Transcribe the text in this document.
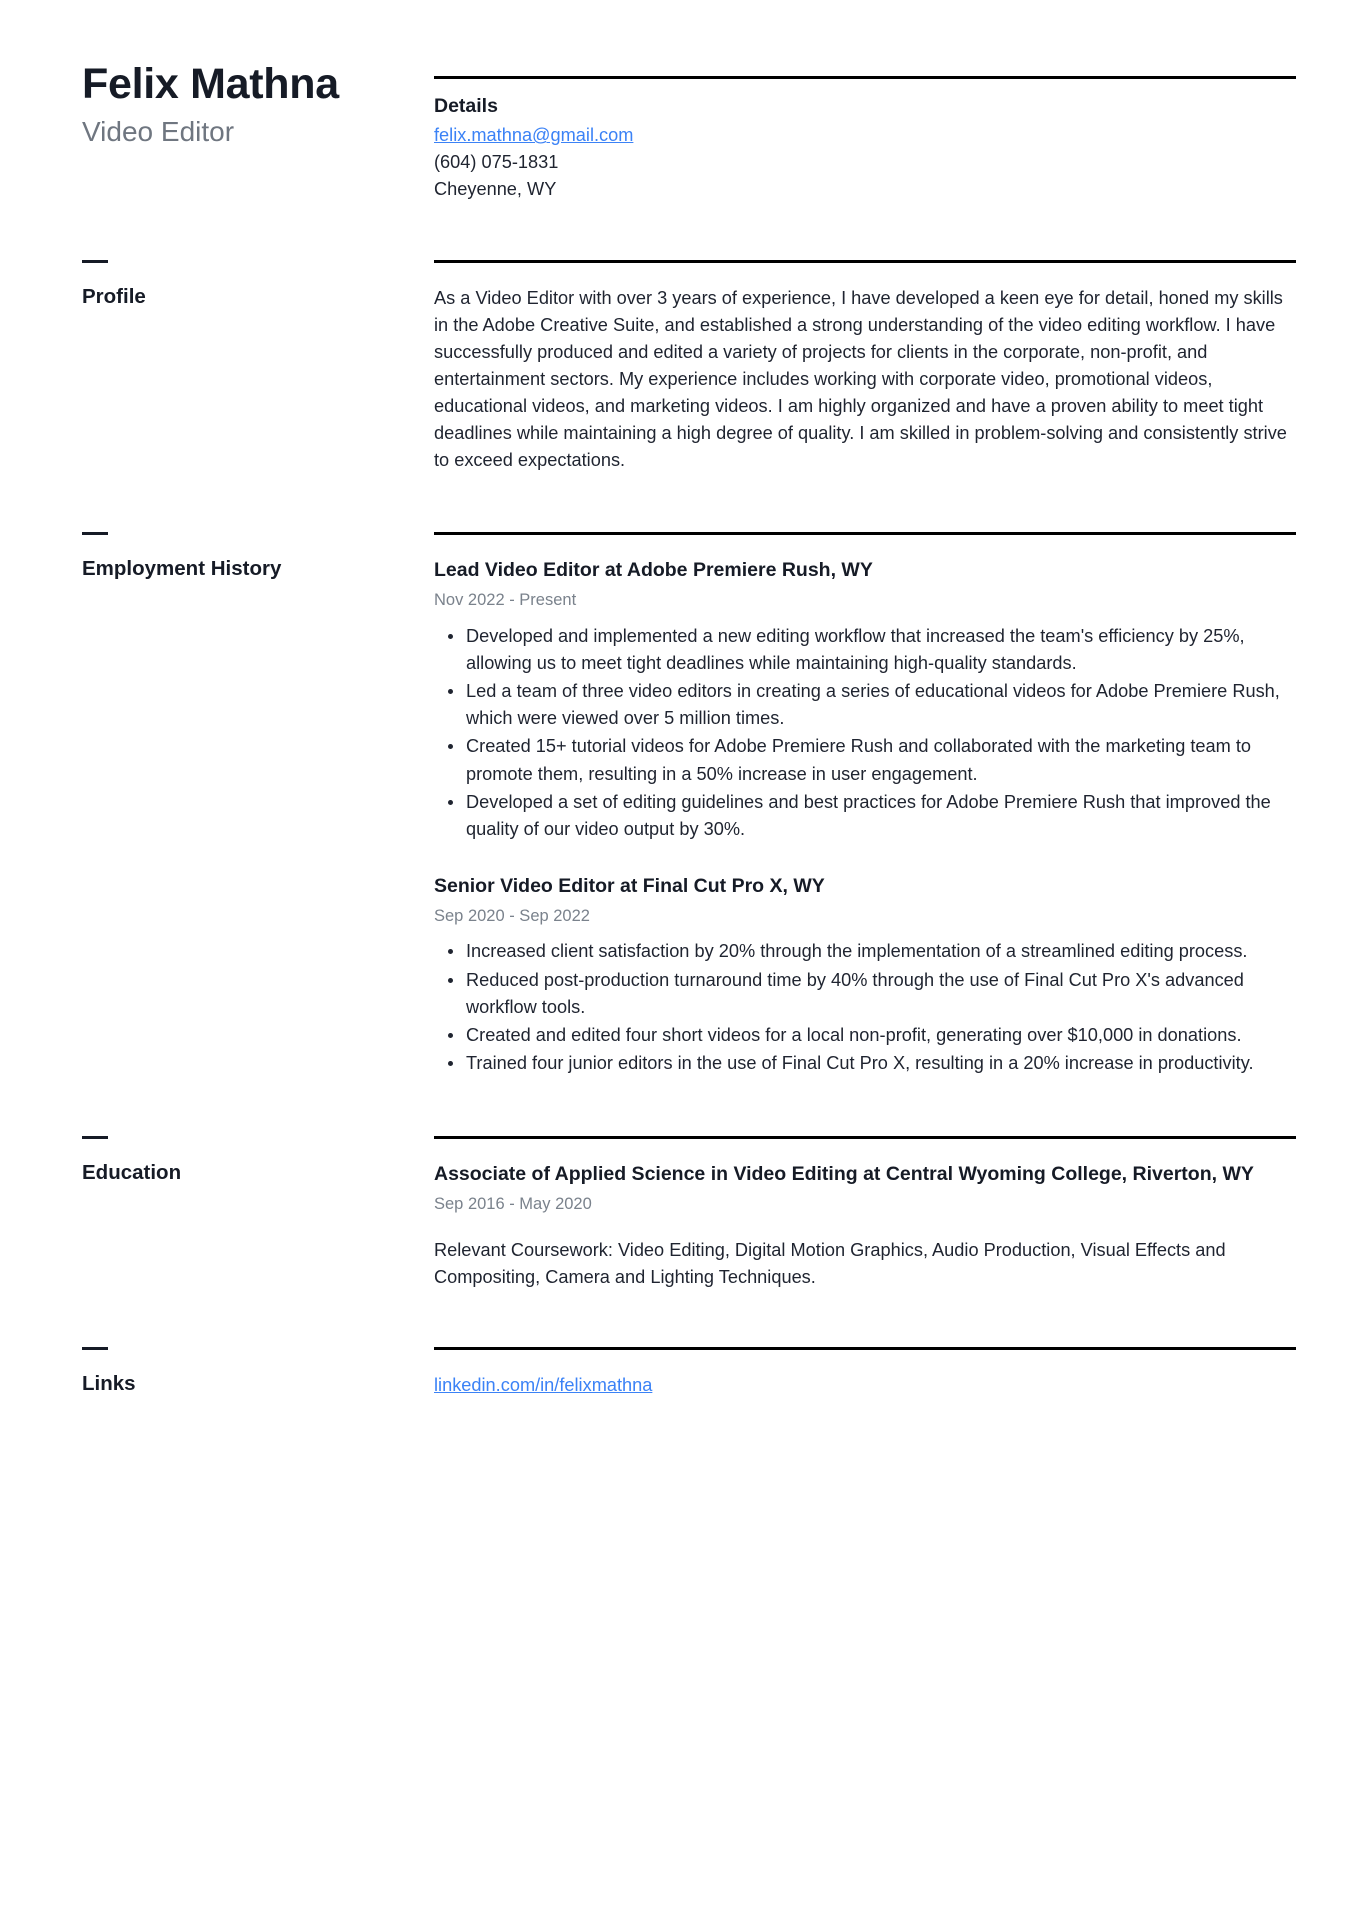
Felix Mathna
Video Editor
Details
felix.mathna@gmail.com
(604) 075-1831
Cheyenne, WY
Profile	As a Video Editor with over 3 years of experience, I have developed a keen eye for detail, honed my skills in the Adobe Creative Suite, and established a strong understanding of the video editing workflow. I have successfully produced and edited a variety of projects for clients in the corporate, non-profit, and entertainment sectors. My experience includes working with corporate video, promotional videos, educational videos, and marketing videos. I am highly organized and have a proven ability to meet tight deadlines while maintaining a high degree of quality. I am skilled in problem-solving and consistently strive to exceed expectations.

Employment History	Lead Video Editor at Adobe Premiere Rush, WY
Nov 2022 - Present
Developed and implemented a new editing workflow that increased the team's efficiency by 25%, allowing us to meet tight deadlines while maintaining high-quality standards.
Led a team of three video editors in creating a series of educational videos for Adobe Premiere Rush, which were viewed over 5 million times.
Created 15+ tutorial videos for Adobe Premiere Rush and collaborated with the marketing team to promote them, resulting in a 50% increase in user engagement.
Developed a set of editing guidelines and best practices for Adobe Premiere Rush that improved the quality of our video output by 30%.
Senior Video Editor at Final Cut Pro X, WY
Sep 2020 - Sep 2022
Increased client satisfaction by 20% through the implementation of a streamlined editing process.
Reduced post-production turnaround time by 40% through the use of Final Cut Pro X's advanced workflow tools.
Created and edited four short videos for a local non-profit, generating over $10,000 in donations.
Trained four junior editors in the use of Final Cut Pro X, resulting in a 20% increase in productivity.
Education	Associate of Applied Science in Video Editing at Central Wyoming College, Riverton, WY
Sep 2016 - May 2020

Relevant Coursework: Video Editing, Digital Motion Graphics, Audio Production, Visual Effects and Compositing, Camera and Lighting Techniques.

Links	linkedin.com/in/felixmathna
